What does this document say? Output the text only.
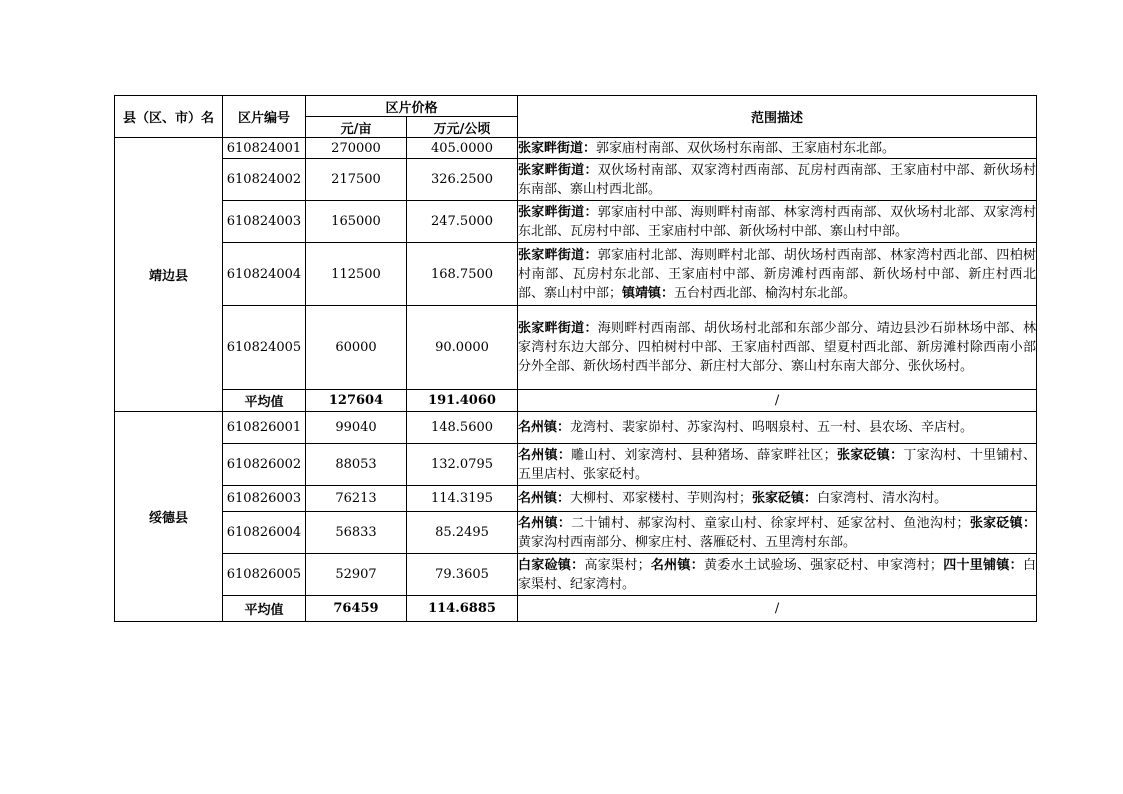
县（区、市）名	区片编号	区片价格		范围描述
		元/亩	万元/公顷	
靖边县	610824001	270000	405.0000	张家畔街道：郭家庙村南部、双伙场村东南部、王家庙村东北部。
	610824002	217500	326.2500	张家畔街道：双伙场村南部、双家湾村西南部、瓦房村西南部、王家庙村中部、新伙场村东南部、寨山村西北部。
	610824003	165000	247.5000	张家畔街道：郭家庙村中部、海则畔村南部、林家湾村西南部、双伙场村北部、双家湾村东北部、瓦房村中部、王家庙村中部、新伙场村中部、寨山村中部。
	610824004	112500	168.7500	张家畔街道：郭家庙村北部、海则畔村北部、胡伙场村西南部、林家湾村西北部、四柏树村南部、瓦房村东北部、王家庙村中部、新房滩村西南部、新伙场村中部、新庄村西北部、寨山村中部；镇靖镇：五台村西北部、榆沟村东北部。
	610824005	60000	90.0000	张家畔街道：海则畔村西南部、胡伙场村北部和东部少部分、靖边县沙石峁林场中部、林家湾村东边大部分、四柏树村中部、王家庙村西部、望夏村西北部、新房滩村除西南小部分外全部、新伙场村西半部分、新庄村大部分、寨山村东南大部分、张伙场村。
	平均值	127604	191.4060	/
绥德县	610826001	99040	148.5600	名州镇：龙湾村、裴家峁村、苏家沟村、呜咽泉村、五一村、县农场、辛店村。
	610826002	88053	132.0795	名州镇：雕山村、刘家湾村、县种猪场、薛家畔社区；张家砭镇：丁家沟村、十里铺村、五里店村、张家砭村。
	610826003	76213	114.3195	名州镇：大柳村、邓家楼村、芋则沟村；张家砭镇：白家湾村、清水沟村。
	610826004	56833	85.2495	名州镇：二十铺村、郝家沟村、童家山村、徐家坪村、延家岔村、鱼池沟村；张家砭镇：黄家沟村西南部分、柳家庄村、落雁砭村、五里湾村东部。
	610826005	52907	79.3605	白家硷镇：高家渠村；名州镇：黄委水土试验场、强家砭村、申家湾村；四十里铺镇：白家渠村、纪家湾村。
	平均值	76459	114.6885	/
